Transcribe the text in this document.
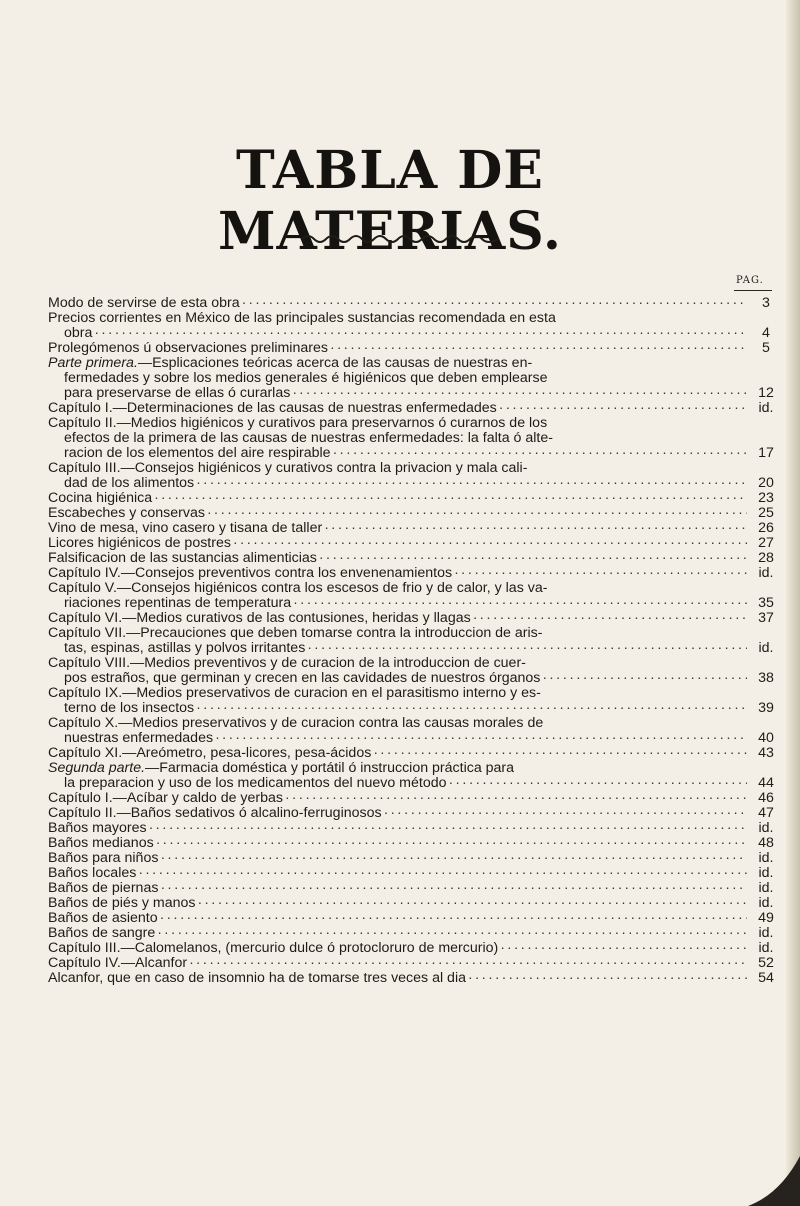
TABLA DE MATERIAS.
PAG.
Modo de servirse de esta obra ·····	3
Precios corrientes en México de las principales sustancias recomendada en esta
obra ·····	4
Prolegómenos ú observaciones preliminares ·····	5
Parte primera. —Esplicaciones teóricas acerca de las causas de nuestras en-
fermedades y sobre los medios generales é higiénicos que deben emplearse
para preservarse de ellas ó curarlas ·····	12
Capítulo I.—Determinaciones de las causas de nuestras enfermedades ·····	id.
Capítulo II.—Medios higiénicos y curativos para preservarnos ó curarnos de los
efectos de la primera de las causas de nuestras enfermedades: la falta ó alte-
racion de los elementos del aire respirable ·····	17
Capítulo III.—Consejos higiénicos y curativos contra la privacion y mala cali-
dad de los alimentos ·····	20
Cocina higiénica ·····	23
Escabeches y conservas ·····	25
Vino de mesa, vino casero y tisana de taller ·····	26
Licores higiénicos de postres ·····	27
Falsificacion de las sustancias alimenticias ·····	28
Capítulo IV.—Consejos preventivos contra los envenenamientos ·····	id.
Capítulo V.—Consejos higiénicos contra los escesos de frio y de calor, y las va-
riaciones repentinas de temperatura ·····	35
Capítulo VI.—Medios curativos de las contusiones, heridas y llagas ·····	37
Capítulo VII.—Precauciones que deben tomarse contra la introduccion de aris-
tas, espinas, astillas y polvos irritantes ·····	id.
Capítulo VIII.—Medios preventivos y de curacion de la introduccion de cuer-
pos estraños, que germinan y crecen en las cavidades de nuestros órganos ·····	38
Capítulo IX.—Medios preservativos de curacion en el parasitismo interno y es-
terno de los insectos ·····	39
Capítulo X.—Medios preservativos y de curacion contra las causas morales de
nuestras enfermedades ·····	40
Capítulo XI.—Areómetro, pesa-licores, pesa-ácidos ·····	43
Segunda parte. —Farmacia doméstica y portátil ó instruccion práctica para
la preparacion y uso de los medicamentos del nuevo método ·····	44
Capítulo I.—Acíbar y caldo de yerbas ·····	46
Capítulo II.—Baños sedativos ó alcalino-ferruginosos ·····	47
Baños mayores ·····	id.
Baños medianos ·····	48
Baños para niños ·····	id.
Baños locales ·····	id.
Baños de piernas ·····	id.
Baños de piés y manos ·····	id.
Baños de asiento ·····	49
Baños de sangre ·····	id.
Capítulo III.—Calomelanos, (mercurio dulce ó protocloruro de mercurio) ·····	id.
Capítulo IV.—Alcanfor ·····	52
Alcanfor, que en caso de insomnio ha de tomarse tres veces al dia ·····	54
